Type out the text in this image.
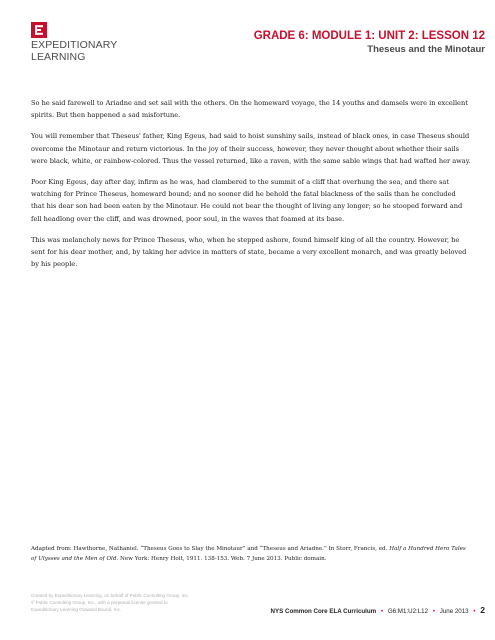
EXPEDITIONARY
LEARNING
GRADE 6: MODULE 1: UNIT 2: LESSON 12
Theseus and the Minotaur

So he said farewell to Ariadne and set sail with the others. On the homeward voyage, the 14 youths and damsels were in excellent spirits. But then happened a sad misfortune.

You will remember that Theseus' father, King Egeus, had said to hoist sunshiny sails, instead of black ones, in case Theseus should overcome the Minotaur and return victorious. In the joy of their success, however, they never thought about whether their sails were black, white, or rainbow-colored. Thus the vessel returned, like a raven, with the same sable wings that had wafted her away.

Poor King Egeus, day after day, infirm as he was, had clambered to the summit of a cliff that overhung the sea, and there sat watching for Prince Theseus, homeward bound; and no sooner did he behold the fatal blackness of the sails than he concluded that his dear son had been eaten by the Minotaur. He could not bear the thought of living any longer; so he stooped forward and fell headlong over the cliff, and was drowned, poor soul, in the waves that foamed at its base.

This was melancholy news for Prince Theseus, who, when he stepped ashore, found himself king of all the country. However, he sent for his dear mother, and, by taking her advice in matters of state, became a very excellent monarch, and was greatly beloved by his people.

Adapted from: Hawthorne, Nathaniel. “Theseus Goes to Slay the Minotaur” and “Theseus and Ariadne.” In Storr, Francis, ed. Half a Hundred Hero Tales of Ulysses and the Men of Old. New York: Henry Holt, 1911. 138-153. Web. 7 June 2013. Public domain.
Created by Expeditionary Learning, on behalf of Public Consulting Group, Inc.
© Public Consulting Group, Inc., with a perpetual license granted to
Expeditionary Learning Outward Bound, Inc.	NYS Common Core ELA Curriculum • G6:M1:U2:L12 • June 2013 • 2
